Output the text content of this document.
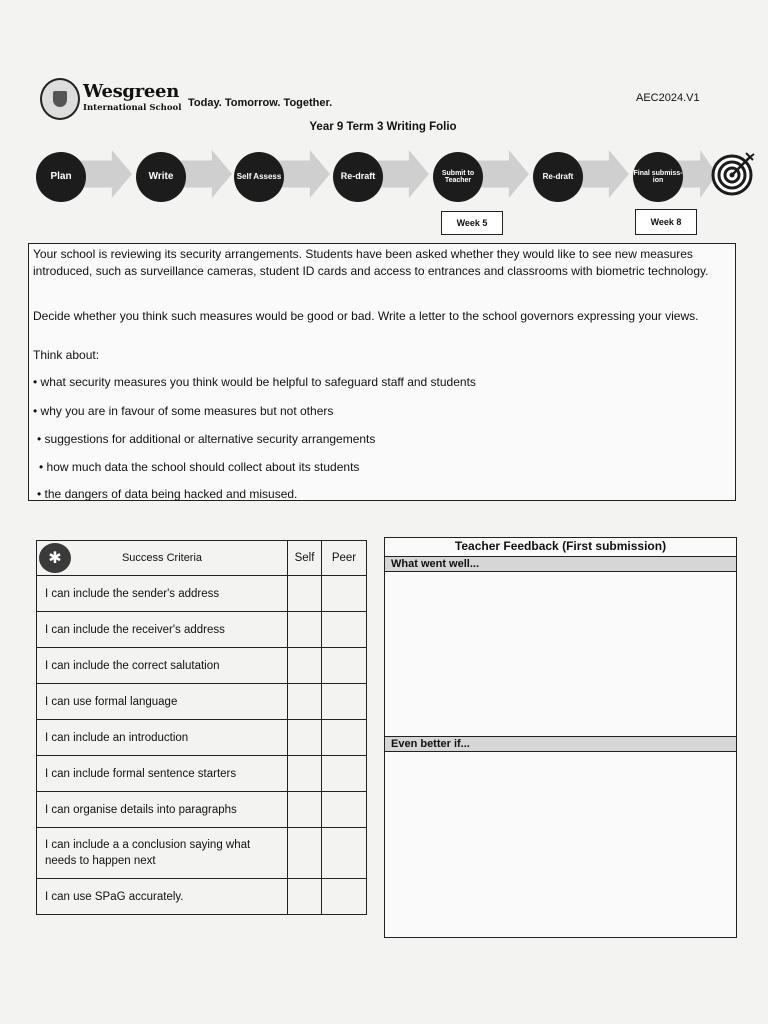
Wesgreen
International School Today. Tomorrow. Together.	AEC2024.V1
Year 9 Term 3 Writing Folio
Plan	Write	Self Assess	Re-draft	Submit to Teacher	Re-draft	Final submiss-ion
Week 5	Week 8

Your school is reviewing its security arrangements. Students have been asked whether they would like to see new measures introduced, such as surveillance cameras, student ID cards and access to entrances and classrooms with biometric technology.

Decide whether you think such measures would be good or bad. Write a letter to the school governors expressing your views.

Think about:

• what security measures you think would be helpful to safeguard staff and students
• why you are in favour of some measures but not others
• suggestions for additional or alternative security arrangements
• how much data the school should collect about its students
• the dangers of data being hacked and misused.
✱ Success Criteria	Self	Peer
I can include the sender's address		
I can include the receiver's address		
I can include the correct salutation		
I can use formal language		
I can include an introduction		
I can include formal sentence starters		
I can organise details into paragraphs		
I can include a a conclusion saying what needs to happen next		
I can use SPaG accurately.		
Teacher Feedback (First submission)
What went well...
Even better if...
